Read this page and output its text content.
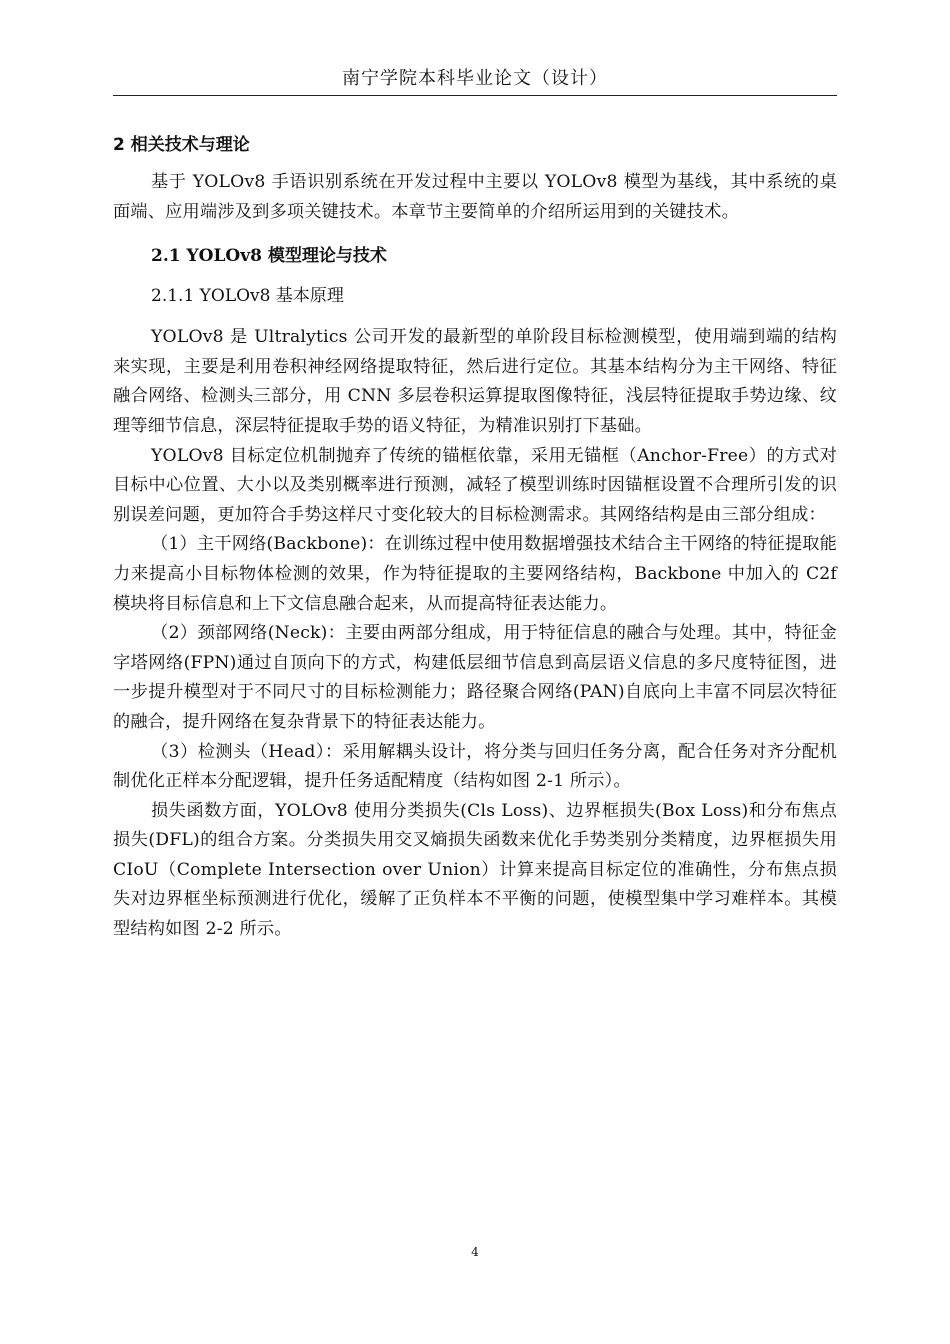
南宁学院本科毕业论文（设计）
2 相关技术与理论

基于 YOLOv8 手语识别系统在开发过程中主要以 YOLOv8 模型为基线，其中系统的桌面端、应用端涉及到多项关键技术。本章节主要简单的介绍所运用到的关键技术。

2.1 YOLOv8 模型理论与技术
2.1.1 YOLOv8 基本原理

YOLOv8 是 Ultralytics 公司开发的最新型的单阶段目标检测模型，使用端到端的结构来实现，主要是利用卷积神经网络提取特征，然后进行定位。其基本结构分为主干网络、特征融合网络、检测头三部分，用 CNN 多层卷积运算提取图像特征，浅层特征提取手势边缘、纹理等细节信息，深层特征提取手势的语义特征，为精准识别打下基础。

YOLOv8 目标定位机制抛弃了传统的锚框依靠，采用无锚框（Anchor-Free）的方式对目标中心位置、大小以及类别概率进行预测，减轻了模型训练时因锚框设置不合理所引发的识别误差问题，更加符合手势这样尺寸变化较大的目标检测需求。其网络结构是由三部分组成：

（1）主干网络(Backbone)：在训练过程中使用数据增强技术结合主干网络的特征提取能力来提高小目标物体检测的效果，作为特征提取的主要网络结构，Backbone 中加入的 C2f 模块将目标信息和上下文信息融合起来，从而提高特征表达能力。

（2）颈部网络(Neck)：主要由两部分组成，用于特征信息的融合与处理。其中，特征金字塔网络(FPN)通过自顶向下的方式，构建低层细节信息到高层语义信息的多尺度特征图，进一步提升模型对于不同尺寸的目标检测能力；路径聚合网络(PAN)自底向上丰富不同层次特征的融合，提升网络在复杂背景下的特征表达能力。

（3）检测头（Head）：采用解耦头设计，将分类与回归任务分离，配合任务对齐分配机制优化正样本分配逻辑，提升任务适配精度（结构如图 2-1 所示）。

损失函数方面，YOLOv8 使用分类损失(Cls Loss)、边界框损失(Box Loss)和分布焦点损失(DFL)的组合方案。分类损失用交叉熵损失函数来优化手势类别分类精度，边界框损失用 CIoU（Complete Intersection over Union）计算来提高目标定位的准确性，分布焦点损失对边界框坐标预测进行优化，缓解了正负样本不平衡的问题，使模型集中学习难样本。其模型结构如图 2-2 所示。

4
